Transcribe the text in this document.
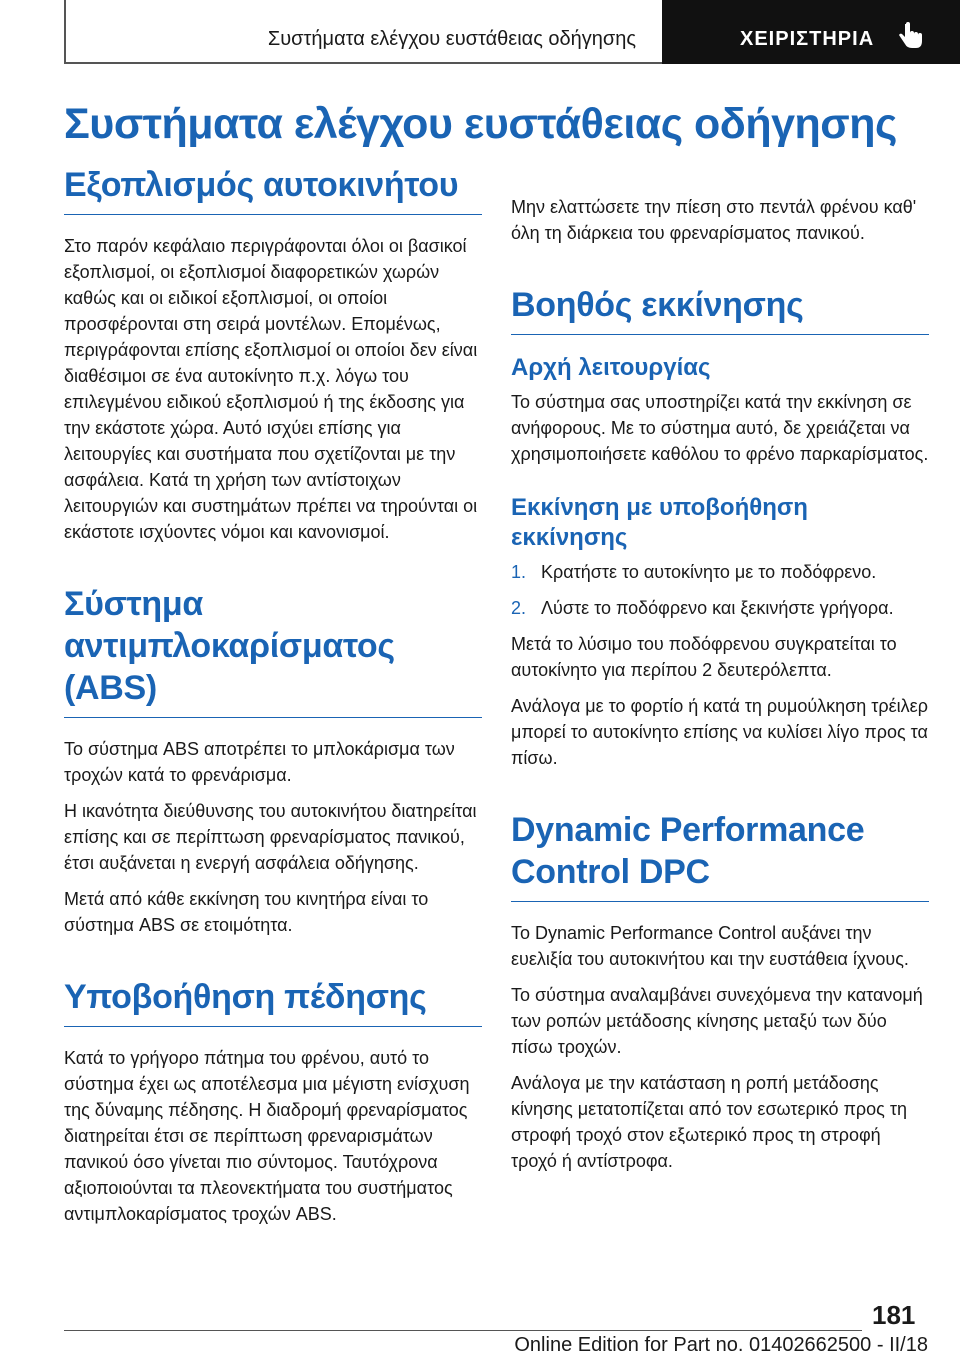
Συστήματα ελέγχου ευστάθειας οδήγησης	ΧΕΙΡΙΣΤΗΡΙΑ
Συστήματα ελέγχου ευστάθειας οδήγησης
Εξοπλισμός αυτοκινήτου

Στο παρόν κεφάλαιο περιγράφονται όλοι οι βασικοί εξοπλισμοί, οι εξοπλισμοί διαφορετικών χωρών καθώς και οι ειδικοί εξοπλισμοί, οι οποίοι προσφέρονται στη σειρά μοντέλων. Επομένως, περιγράφονται επίσης εξοπλισμοί οι οποίοι δεν είναι διαθέσιμοι σε ένα αυτοκίνητο π.χ. λόγω του επιλεγμένου ειδικού εξοπλισμού ή της έκδοσης για την εκάστοτε χώρα. Αυτό ισχύει επίσης για λειτουργίες και συστήματα που σχετίζονται με την ασφάλεια. Κατά τη χρήση των αντίστοιχων λειτουργιών και συστημάτων πρέπει να τηρούνται οι εκάστοτε ισχύοντες νόμοι και κανονισμοί.

Σύστημα αντιμπλοκαρίσματος (ABS)

Το σύστημα ABS αποτρέπει το μπλοκάρισμα των τροχών κατά το φρενάρισμα.

Η ικανότητα διεύθυνσης του αυτοκινήτου διατηρείται επίσης και σε περίπτωση φρεναρίσματος πανικού, έτσι αυξάνεται η ενεργή ασφάλεια οδήγησης.

Μετά από κάθε εκκίνηση του κινητήρα είναι το σύστημα ABS σε ετοιμότητα.

Υποβοήθηση πέδησης

Κατά το γρήγορο πάτημα του φρένου, αυτό το σύστημα έχει ως αποτέλεσμα μια μέγιστη ενίσχυση της δύναμης πέδησης. Η διαδρομή φρεναρίσματος διατηρείται έτσι σε περίπτωση φρεναρισμάτων πανικού όσο γίνεται πιο σύντομος. Ταυτόχρονα αξιοποιούνται τα πλεονεκτήματα του συστήματος αντιμπλοκαρίσματος τροχών ABS.

Μην ελαττώσετε την πίεση στο πεντάλ φρένου καθ' όλη τη διάρκεια του φρεναρίσματος πανικού.

Βοηθός εκκίνησης
Αρχή λειτουργίας

Το σύστημα σας υποστηρίζει κατά την εκκίνηση σε ανήφορους. Με το σύστημα αυτό, δε χρειάζεται να χρησιμοποιήσετε καθόλου το φρένο παρκαρίσματος.

Εκκίνηση με υποβοήθηση εκκίνησης
1. Κρατήστε το αυτοκίνητο με το ποδόφρενο.
2. Λύστε το ποδόφρενο και ξεκινήστε γρήγορα.

Μετά το λύσιμο του ποδόφρενου συγκρατείται το αυτοκίνητο για περίπου 2 δευτερόλεπτα.

Ανάλογα με το φορτίο ή κατά τη ρυμούλκηση τρέιλερ μπορεί το αυτοκίνητο επίσης να κυλίσει λίγο προς τα πίσω.

Dynamic Performance Control DPC

Το Dynamic Performance Control αυξάνει την ευελιξία του αυτοκινήτου και την ευστάθεια ίχνους.

Το σύστημα αναλαμβάνει συνεχόμενα την κατανομή των ροπών μετάδοσης κίνησης μεταξύ των δύο πίσω τροχών.

Ανάλογα με την κατάσταση η ροπή μετάδοσης κίνησης μετατοπίζεται από τον εσωτερικό προς τη στροφή τροχό στον εξωτερικό προς τη στροφή τροχό ή αντίστροφα.

181
Online Edition for Part no. 01402662500 - II/18
